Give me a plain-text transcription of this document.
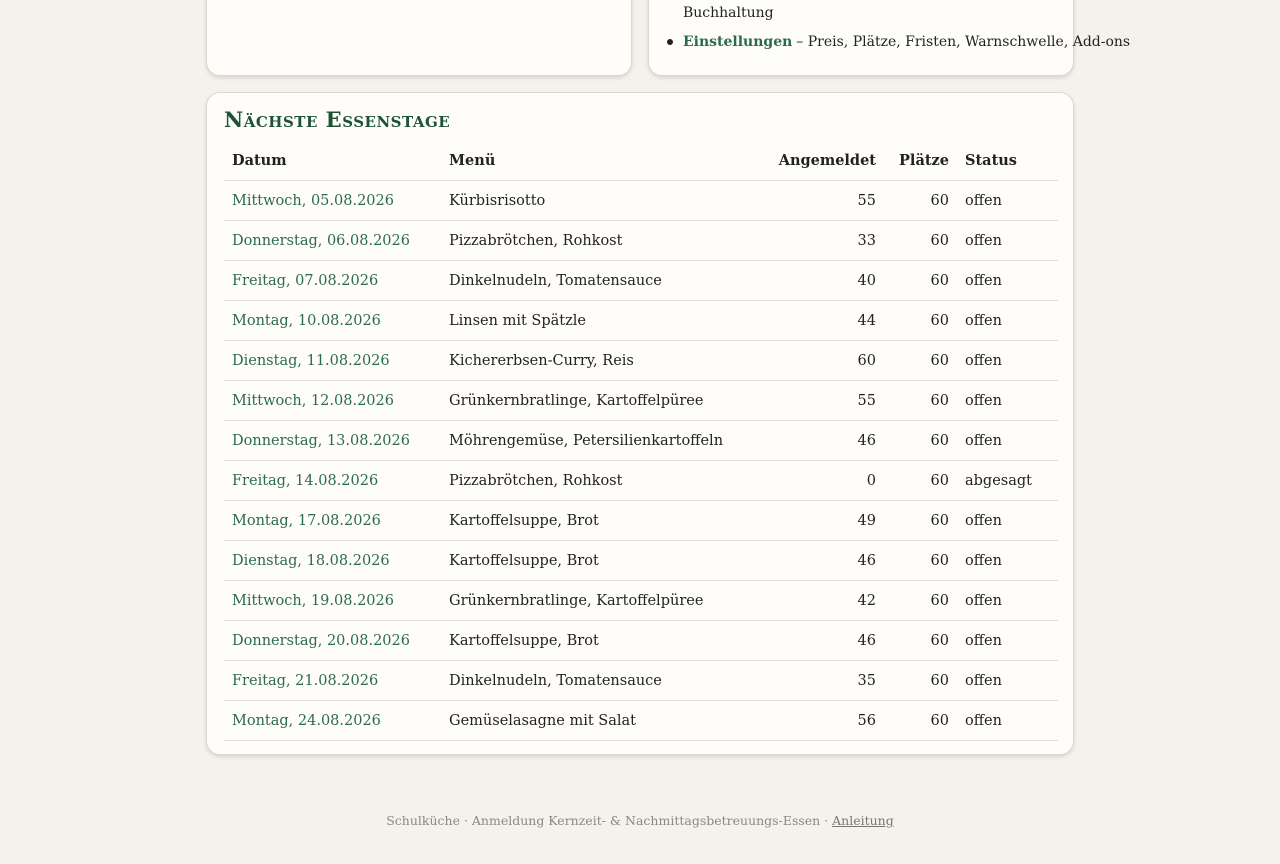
Buchhaltung
Einstellungen – Preis, Plätze, Fristen, Warnschwelle, Add-ons
Nächste Essenstage
Datum	Menü	Angemeldet	Plätze	Status
Mittwoch, 05.08.2026	Kürbisrisotto	55	60	offen
Donnerstag, 06.08.2026	Pizzabrötchen, Rohkost	33	60	offen
Freitag, 07.08.2026	Dinkelnudeln, Tomatensauce	40	60	offen
Montag, 10.08.2026	Linsen mit Spätzle	44	60	offen
Dienstag, 11.08.2026	Kichererbsen-Curry, Reis	60	60	offen
Mittwoch, 12.08.2026	Grünkernbratlinge, Kartoffelpüree	55	60	offen
Donnerstag, 13.08.2026	Möhrengemüse, Petersilienkartoffeln	46	60	offen
Freitag, 14.08.2026	Pizzabrötchen, Rohkost	0	60	abgesagt
Montag, 17.08.2026	Kartoffelsuppe, Brot	49	60	offen
Dienstag, 18.08.2026	Kartoffelsuppe, Brot	46	60	offen
Mittwoch, 19.08.2026	Grünkernbratlinge, Kartoffelpüree	42	60	offen
Donnerstag, 20.08.2026	Kartoffelsuppe, Brot	46	60	offen
Freitag, 21.08.2026	Dinkelnudeln, Tomatensauce	35	60	offen
Montag, 24.08.2026	Gemüselasagne mit Salat	56	60	offen
Schulküche · Anmeldung Kernzeit- & Nachmittagsbetreuungs-Essen · Anleitung
